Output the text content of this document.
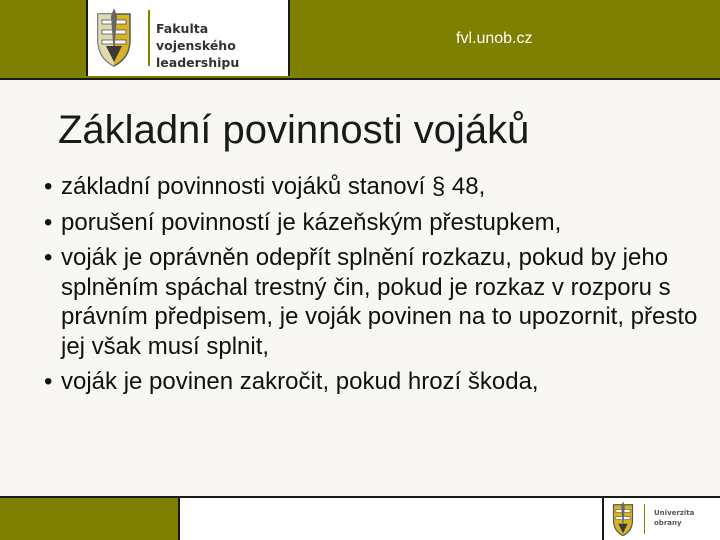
Fakulta vojenského
leadershipu
fvl.unob.cz
Základní povinnosti vojáků
• základní povinnosti vojáků stanoví § 48,
• porušení povinností je kázeňským přestupkem,
• voják je oprávněn odepřít splnění rozkazu, pokud by jeho splněním spáchal trestný čin, pokud je rozkaz v rozporu s právním předpisem, je voják povinen na to upozornit, přesto jej však musí splnit,
• voják je povinen zakročit, pokud hrozí škoda,
Univerzita
obrany
